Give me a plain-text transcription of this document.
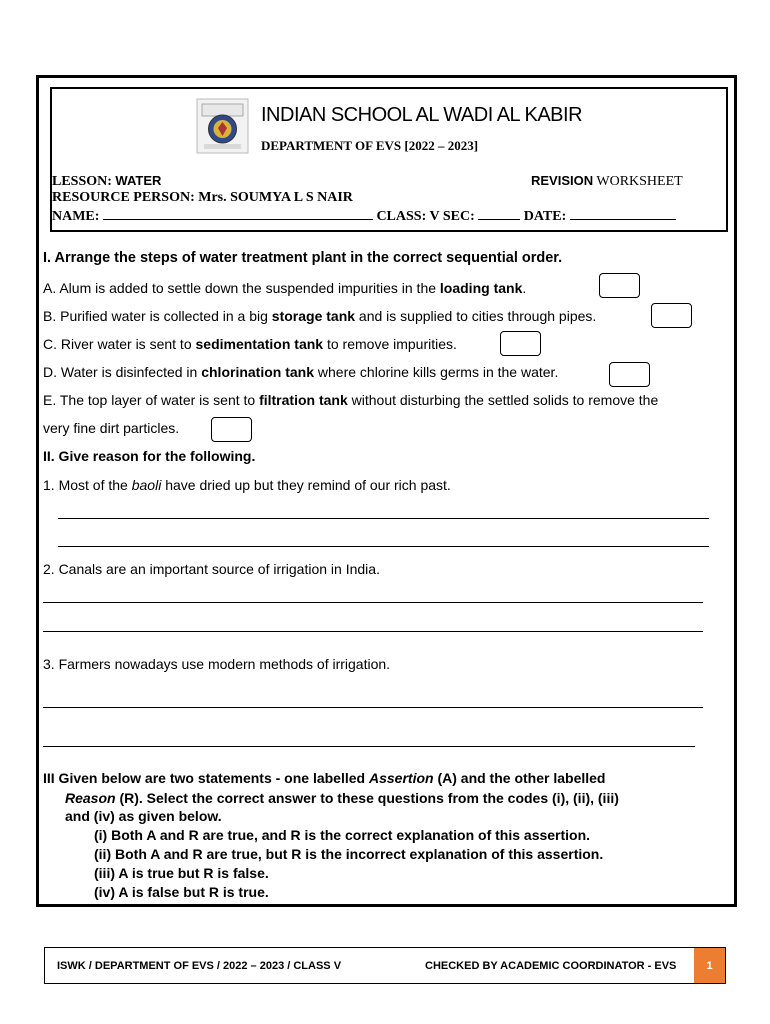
INDIAN SCHOOL AL WADI AL KABIR
DEPARTMENT OF EVS [2022 – 2023]
LESSON: WATER	REVISION WORKSHEET
RESOURCE PERSON: Mrs. SOUMYA L S NAIR
NAME:	CLASS: V SEC:	DATE:
I. Arrange the steps of water treatment plant in the correct sequential order.
A. Alum is added to settle down the suspended impurities in the loading tank.
B. Purified water is collected in a big storage tank and is supplied to cities through pipes.
C. River water is sent to sedimentation tank to remove impurities.
D. Water is disinfected in chlorination tank where chlorine kills germs in the water.
E. The top layer of water is sent to filtration tank without disturbing the settled solids to remove the
very fine dirt particles.
II. Give reason for the following.
1. Most of the baoli have dried up but they remind of our rich past.
2. Canals are an important source of irrigation in India.
3. Farmers nowadays use modern methods of irrigation.
III Given below are two statements - one labelled Assertion (A) and the other labelled
Reason (R). Select the correct answer to these questions from the codes (i), (ii), (iii)
and (iv) as given below.
(i) Both A and R are true, and R is the correct explanation of this assertion.
(ii) Both A and R are true, but R is the incorrect explanation of this assertion.
(iii) A is true but R is false.
(iv) A is false but R is true.
ISWK / DEPARTMENT OF EVS / 2022 – 2023 / CLASS V	CHECKED BY ACADEMIC COORDINATOR - EVS	1
